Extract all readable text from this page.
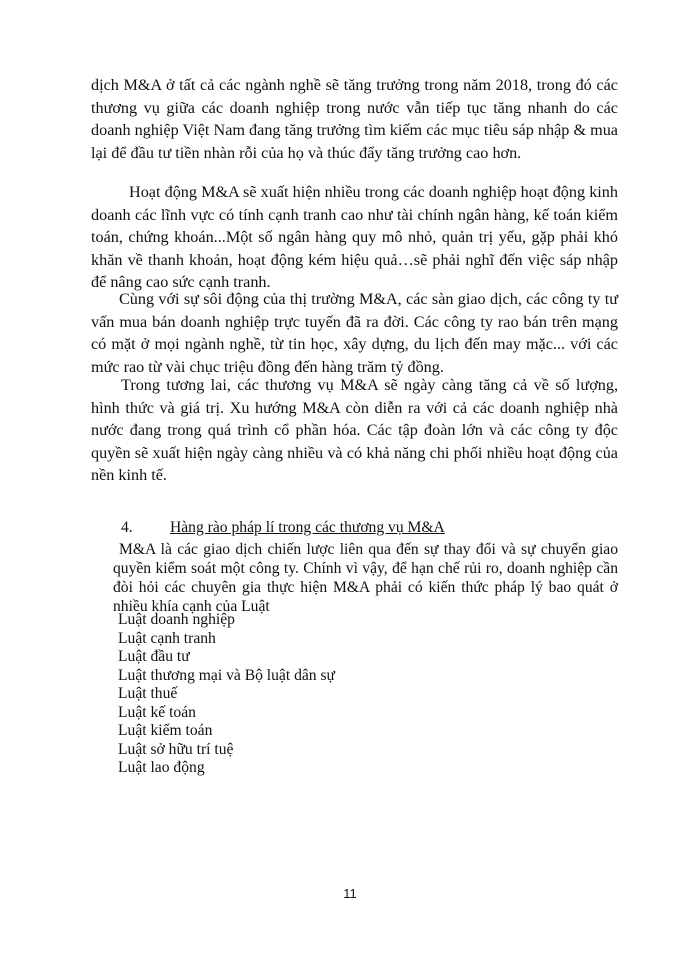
dịch M&A ở tất cả các ngành nghề sẽ tăng trưởng trong năm 2018, trong đó các thương vụ giữa các doanh nghiệp trong nước vẫn tiếp tục tăng nhanh do các doanh nghiệp Việt Nam đang tăng trưởng tìm kiếm các mục tiêu sáp nhập & mua lại để đầu tư tiền nhàn rỗi của họ và thúc đẩy tăng trưởng cao hơn.
Hoạt động M&A sẽ xuất hiện nhiều trong các doanh nghiệp hoạt động kinh doanh các lĩnh vực có tính cạnh tranh cao như tài chính ngân hàng, kế toán kiểm toán, chứng khoán...Một số ngân hàng quy mô nhỏ, quản trị yếu, gặp phải khó khăn về thanh khoản, hoạt động kém hiệu quả…sẽ phải nghĩ đến việc sáp nhập để nâng cao sức cạnh tranh.
Cùng với sự sôi động của thị trường M&A, các sàn giao dịch, các công ty tư vấn mua bán doanh nghiệp trực tuyến đã ra đời. Các công ty rao bán trên mạng có mặt ở mọi ngành nghề, từ tin học, xây dựng, du lịch đến may mặc... với các mức rao từ vài chục triệu đồng đến hàng trăm tỷ đồng.
Trong tương lai, các thương vụ M&A sẽ ngày càng tăng cả về số lượng, hình thức và giá trị. Xu hướng M&A còn diễn ra với cả các doanh nghiệp nhà nước đang trong quá trình cổ phần hóa. Các tập đoàn lớn và các công ty độc quyền sẽ xuất hiện ngày càng nhiều và có khả năng chi phối nhiều hoạt động của nền kinh tế.
4. Hàng rào pháp lí trong các thương vụ M&A
M&A là các giao dịch chiến lược liên qua đến sự thay đổi và sự chuyển giao quyền kiểm soát một công ty. Chính vì vậy, để hạn chế rủi ro, doanh nghiệp cần đòi hỏi các chuyên gia thực hiện M&A phải có kiến thức pháp lý bao quát ở nhiều khía cạnh của Luật
Luật doanh nghiệp
Luật cạnh tranh
Luật đầu tư
Luật thương mại và Bộ luật dân sự
Luật thuế
Luật kế toán
Luật kiểm toán
Luật sở hữu trí tuệ
Luật lao động
11
